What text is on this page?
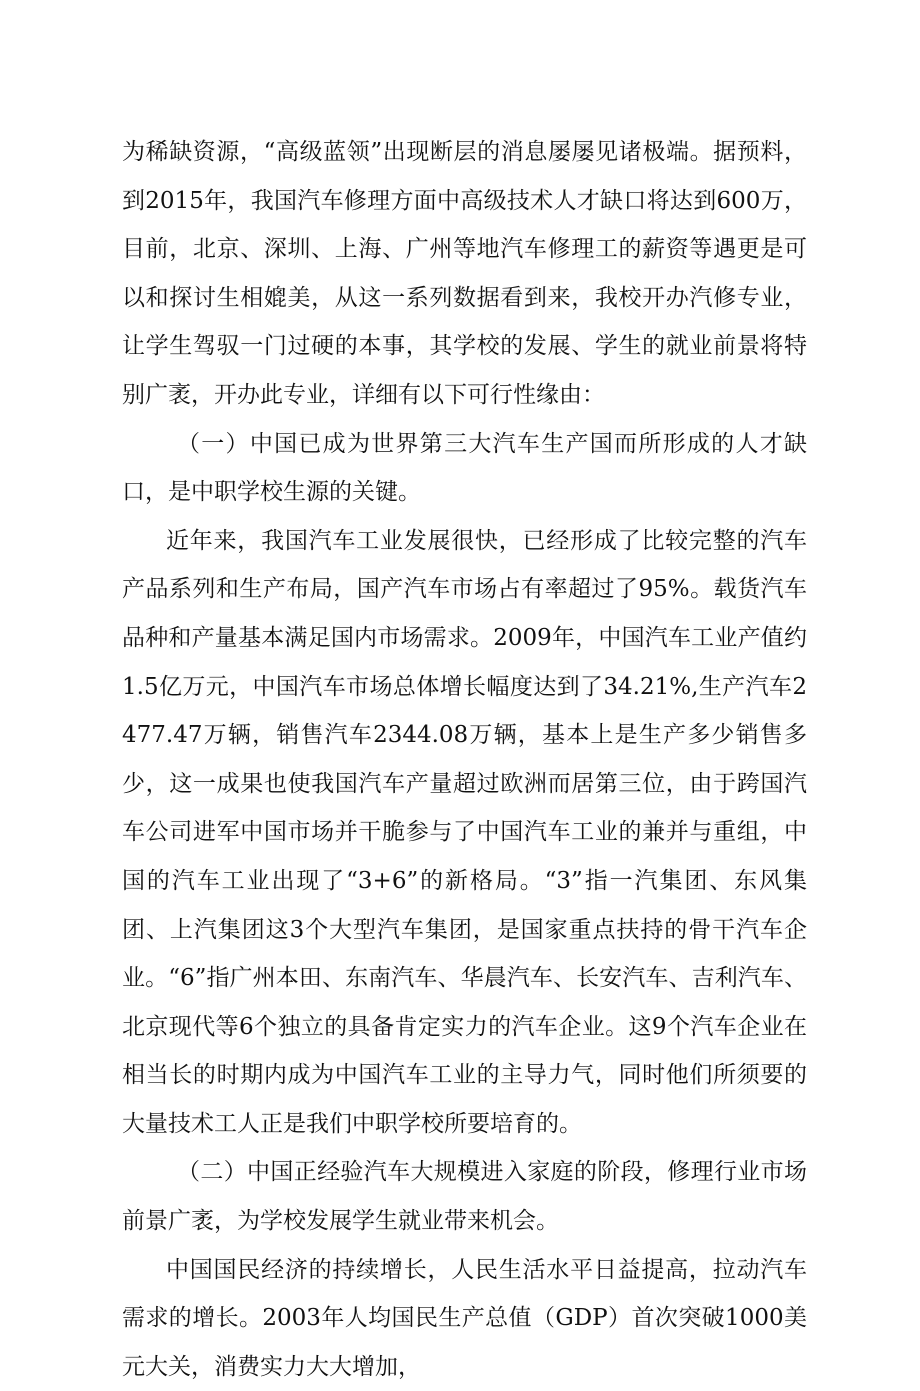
为稀缺资源，“高级蓝领”出现断层的消息屡屡见诸极端。据预料，到2015年，我国汽车修理方面中高级技术人才缺口将达到600万，目前，北京、深圳、上海、广州等地汽车修理工的薪资等遇更是可以和探讨生相媲美，从这一系列数据看到来，我校开办汽修专业，让学生驾驭一门过硬的本事，其学校的发展、学生的就业前景将特别广袤，开办此专业，详细有以下可行性缘由：

（一）中国已成为世界第三大汽车生产国而所形成的人才缺口，是中职学校生源的关键。

近年来，我国汽车工业发展很快，已经形成了比较完整的汽车产品系列和生产布局，国产汽车市场占有率超过了95%。载货汽车品种和产量基本满足国内市场需求。2009年，中国汽车工业产值约1.5亿万元，中国汽车市场总体增长幅度达到了34.21%,生产汽车2477.47万辆，销售汽车2344.08万辆，基本上是生产多少销售多少，这一成果也使我国汽车产量超过欧洲而居第三位，由于跨国汽车公司进军中国市场并干脆参与了中国汽车工业的兼并与重组，中国的汽车工业出现了“3+6”的新格局。“3”指一汽集团、东风集团、上汽集团这3个大型汽车集团，是国家重点扶持的骨干汽车企业。“6”指广州本田、东南汽车、华晨汽车、长安汽车、吉利汽车、北京现代等6个独立的具备肯定实力的汽车企业。这9个汽车企业在相当长的时期内成为中国汽车工业的主导力气，同时他们所须要的大量技术工人正是我们中职学校所要培育的。

（二）中国正经验汽车大规模进入家庭的阶段，修理行业市场前景广袤，为学校发展学生就业带来机会。

中国国民经济的持续增长，人民生活水平日益提高，拉动汽车需求的增长。2003年人均国民生产总值（GDP）首次突破1000美元大关，消费实力大大增加，
